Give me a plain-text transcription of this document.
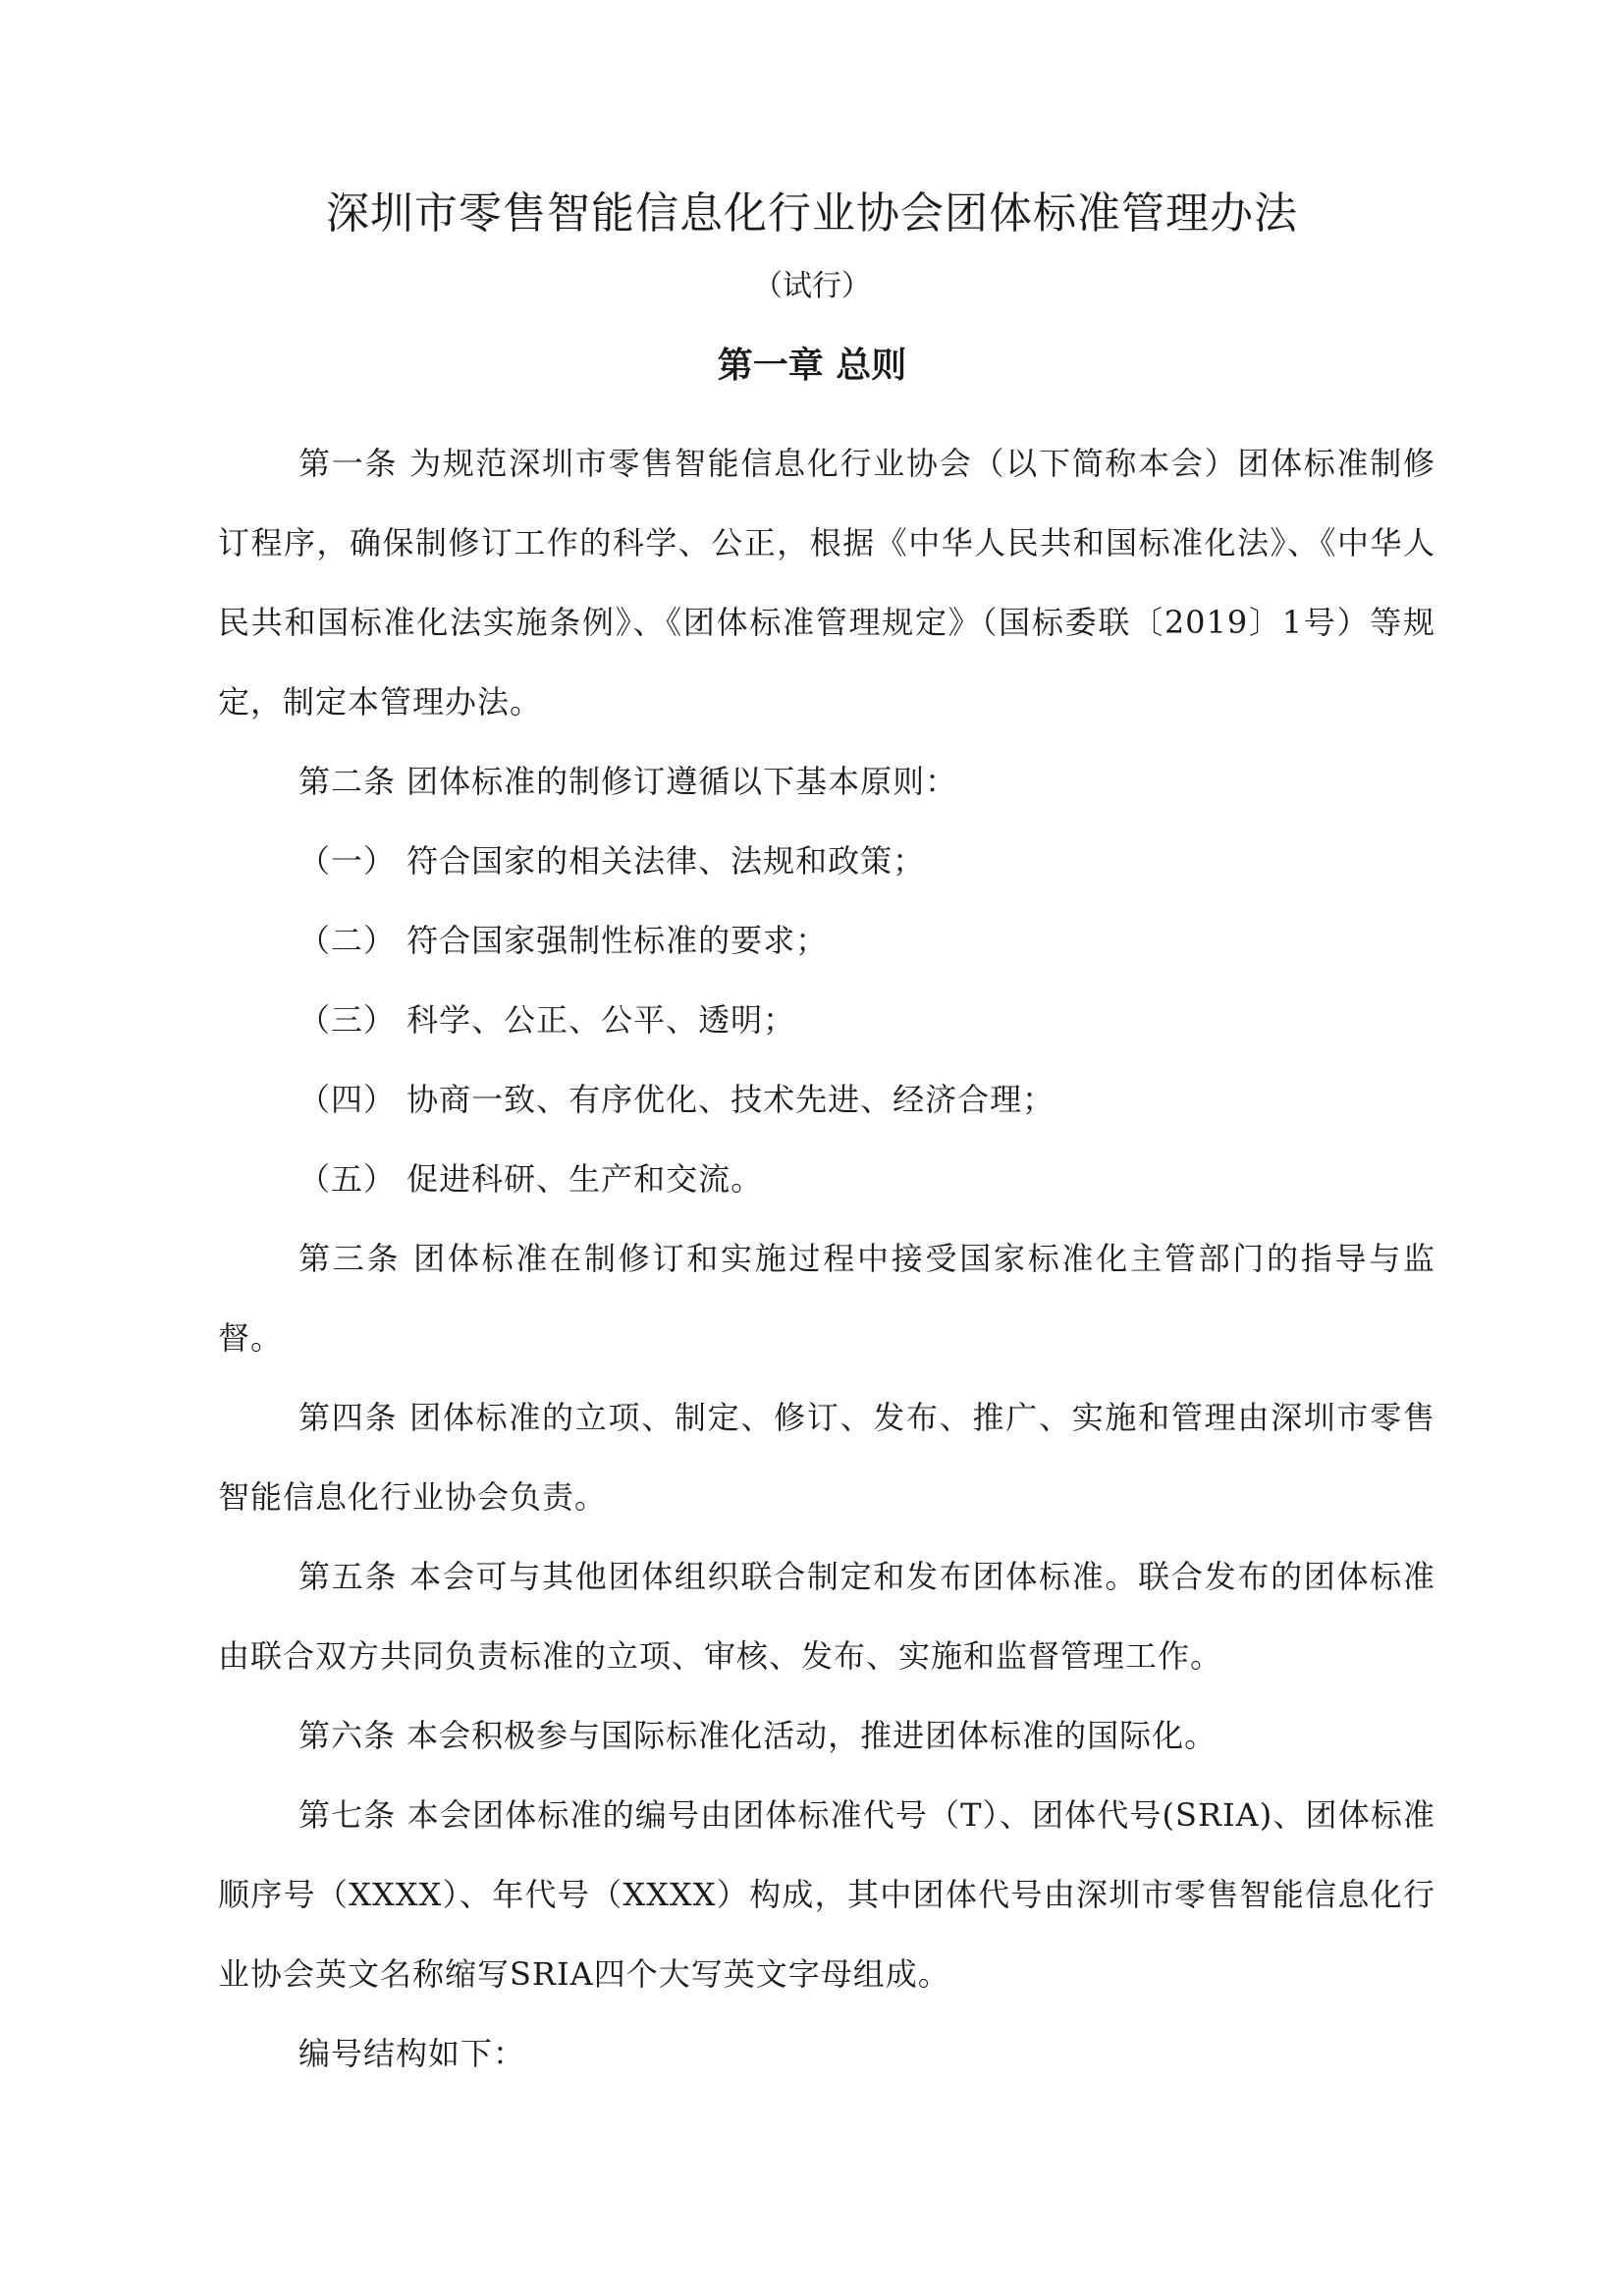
深圳市零售智能信息化行业协会团体标准管理办法
（试行）
第一章 总则

第一条 为规范深圳市零售智能信息化行业协会（以下简称本会）团体标准制修订程序，确保制修订工作的科学、公正，根据《中华人民共和国标准化法》、《中华人民共和国标准化法实施条例》、《团体标准管理规定》（国标委联〔2019〕1号）等规定，制定本管理办法。

第二条 团体标准的制修订遵循以下基本原则：

（一） 符合国家的相关法律、法规和政策；

（二） 符合国家强制性标准的要求；

（三） 科学、公正、公平、透明；

（四） 协商一致、有序优化、技术先进、经济合理；

（五） 促进科研、生产和交流。

第三条 团体标准在制修订和实施过程中接受国家标准化主管部门的指导与监督。

第四条 团体标准的立项、制定、修订、发布、推广、实施和管理由深圳市零售智能信息化行业协会负责。

第五条 本会可与其他团体组织联合制定和发布团体标准。联合发布的团体标准由联合双方共同负责标准的立项、审核、发布、实施和监督管理工作。

第六条 本会积极参与国际标准化活动，推进团体标准的国际化。

第七条 本会团体标准的编号由团体标准代号（T）、团体代号(SRIA)、团体标准顺序号（XXXX）、年代号（XXXX）构成，其中团体代号由深圳市零售智能信息化行业协会英文名称缩写SRIA四个大写英文字母组成。

编号结构如下：
